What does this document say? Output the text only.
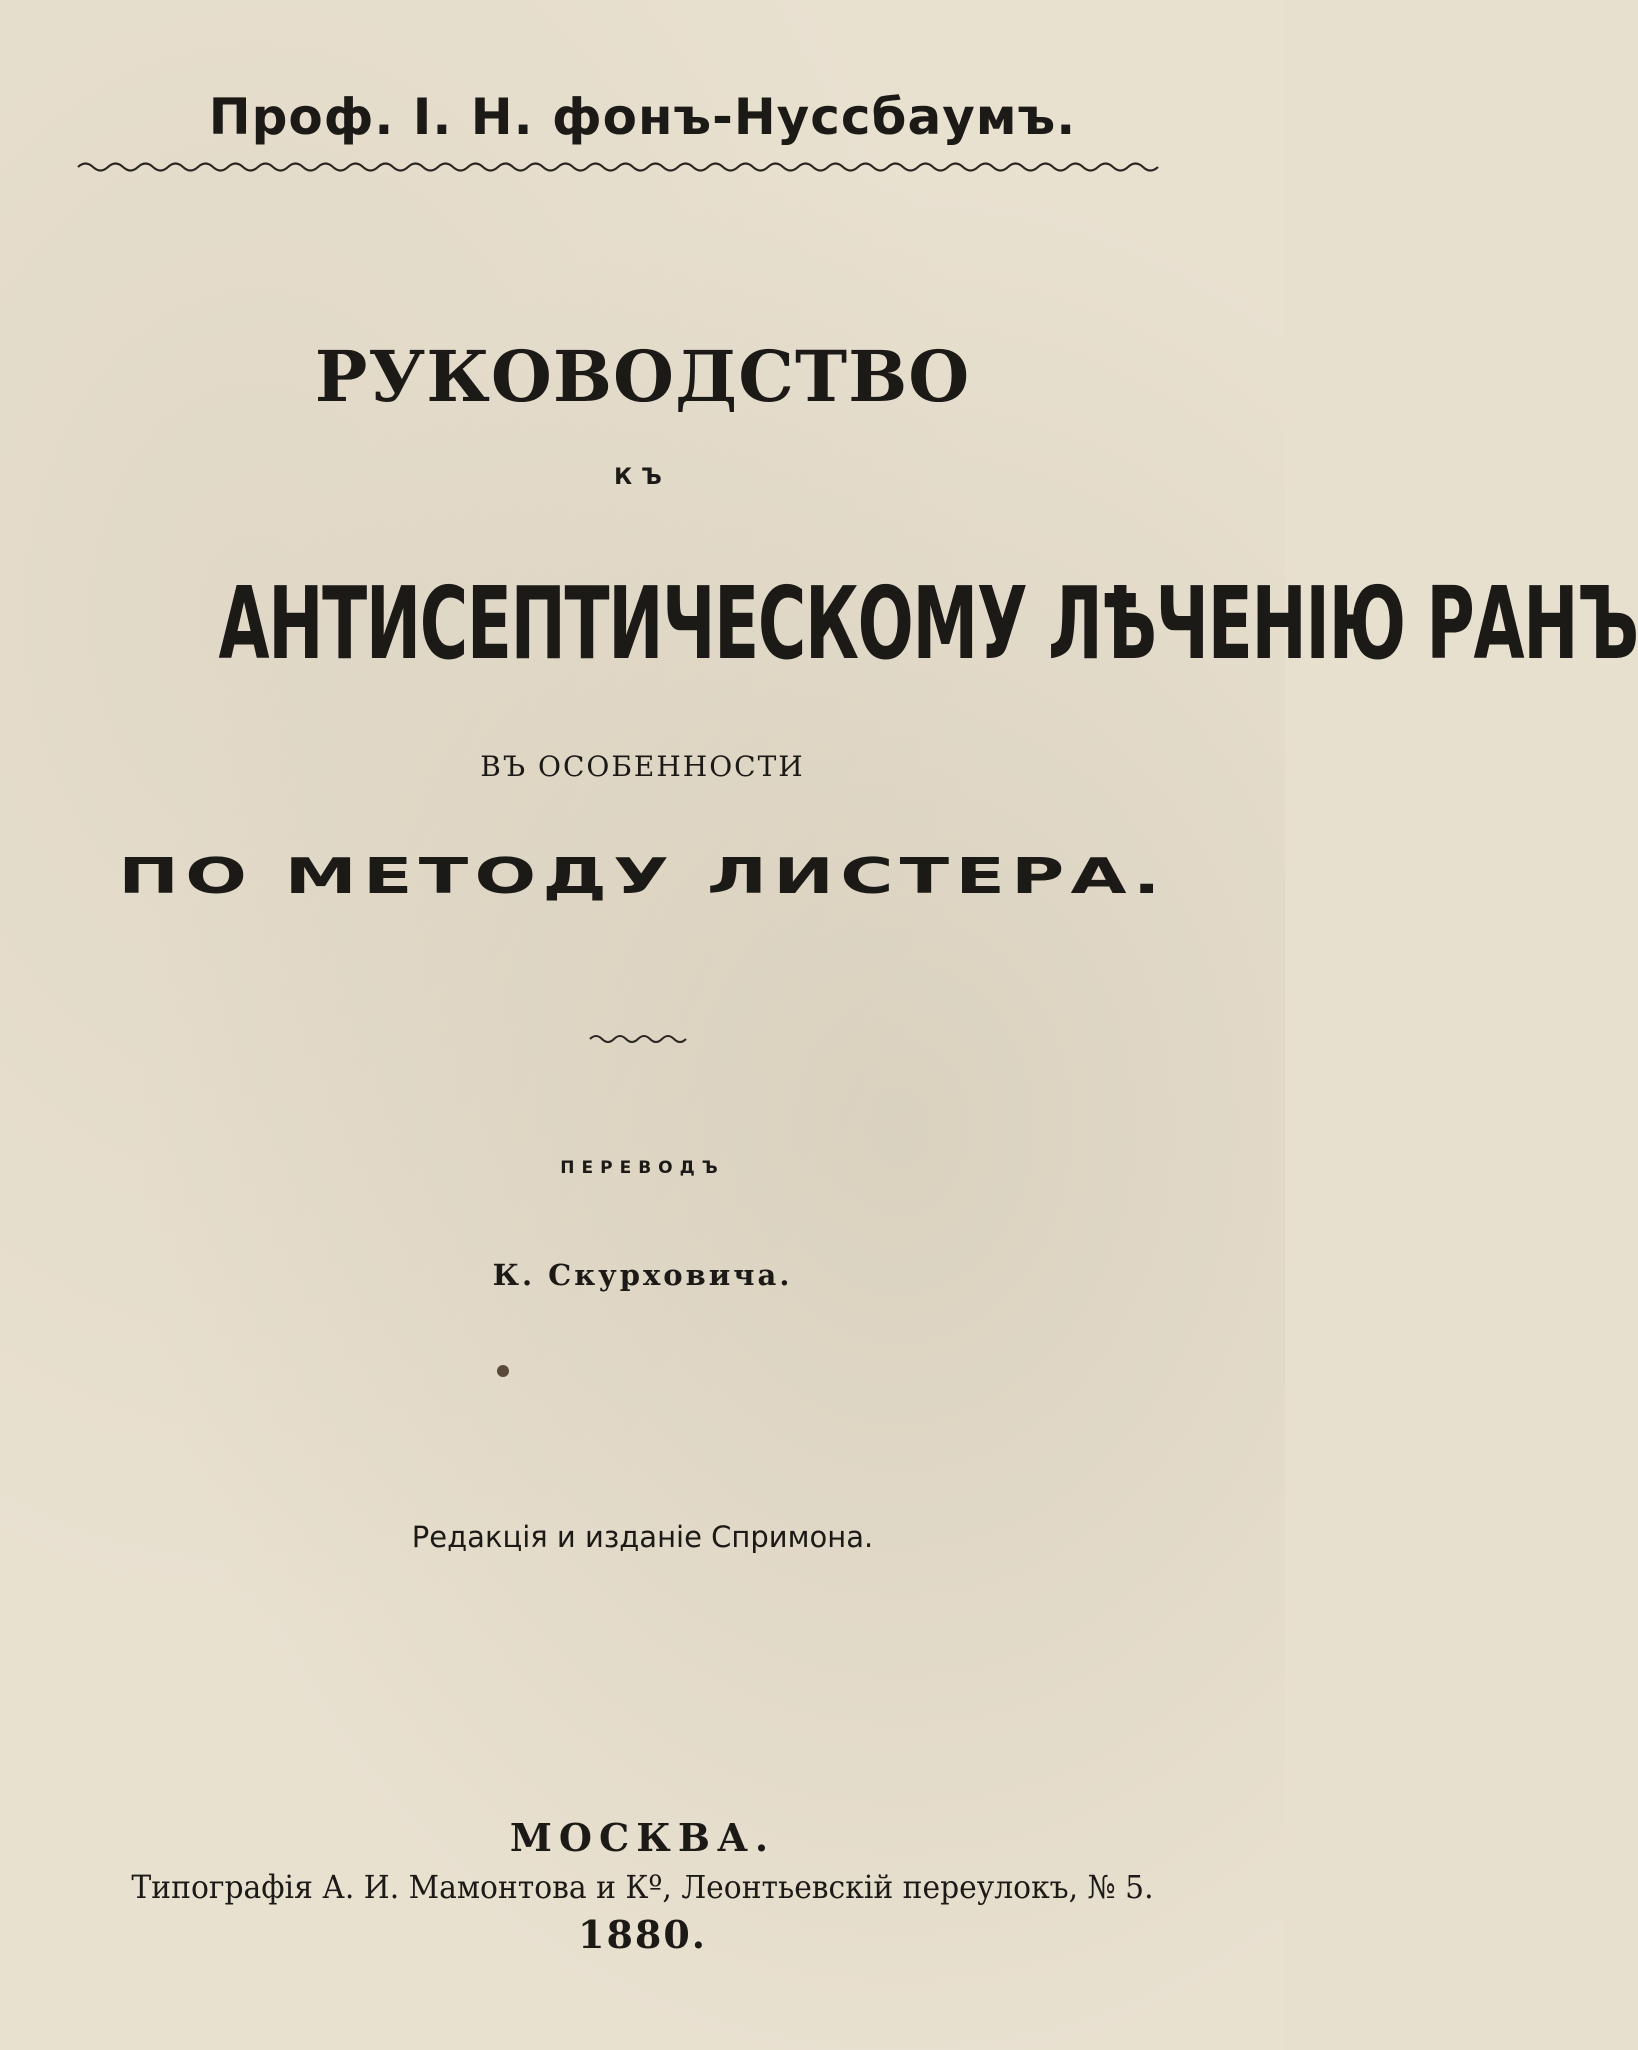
Проф. І. Н. фонъ-Нуссбаумъ.
РУКОВОДСТВО
КЪ
АНТИСЕПТИЧЕСКОМУ ЛѢЧЕНІЮ РАНЪ
ВЪ ОСОБЕННОСТИ
ПО МЕТОДУ ЛИСТЕРА.
ПЕРЕВОДЪ
К. Скурховича.
Редакція и изданіе Спримона.
МОСКВА.
Типографія А. И. Мамонтова и Кº, Леонтьевскій переулокъ, № 5.
1880.
